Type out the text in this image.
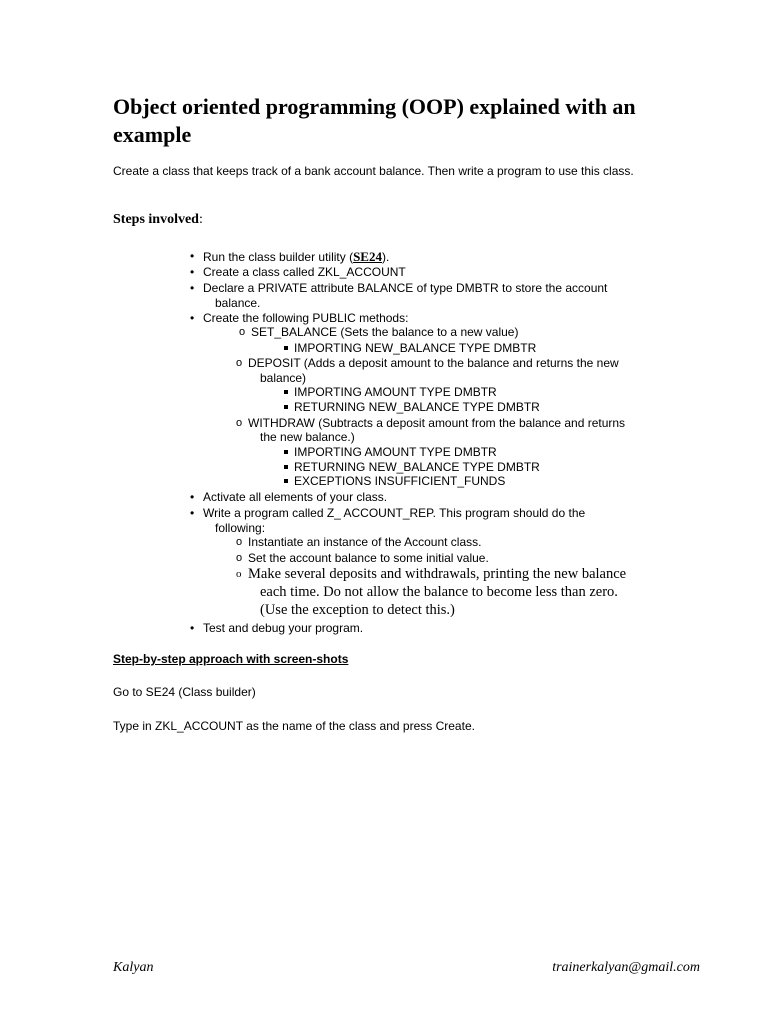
Object oriented programming (OOP) explained with an example

Create a class that keeps track of a bank account balance. Then write a program to use this class.

Steps involved:

• Run the class builder utility (SE24).
• Create a class called ZKL_ACCOUNT
• Declare a PRIVATE attribute BALANCE of type DMBTR to store the account
balance.
• Create the following PUBLIC methods:
o SET_BALANCE (Sets the balance to a new value)
IMPORTING NEW_BALANCE TYPE DMBTR
o DEPOSIT (Adds a deposit amount to the balance and returns the new
balance)
IMPORTING AMOUNT TYPE DMBTR
RETURNING NEW_BALANCE TYPE DMBTR
o WITHDRAW (Subtracts a deposit amount from the balance and returns
the new balance.)
IMPORTING AMOUNT TYPE DMBTR
RETURNING NEW_BALANCE TYPE DMBTR
EXCEPTIONS INSUFFICIENT_FUNDS
• Activate all elements of your class.
• Write a program called Z_ ACCOUNT_REP. This program should do the
following:
o Instantiate an instance of the Account class.
o Set the account balance to some initial value.
o Make several deposits and withdrawals, printing the new balance
each time. Do not allow the balance to become less than zero.
(Use the exception to detect this.)
• Test and debug your program.

Step-by-step approach with screen-shots

Go to SE24 (Class builder)

Type in ZKL_ACCOUNT as the name of the class and press Create.

Kalyan	trainerkalyan@gmail.com
